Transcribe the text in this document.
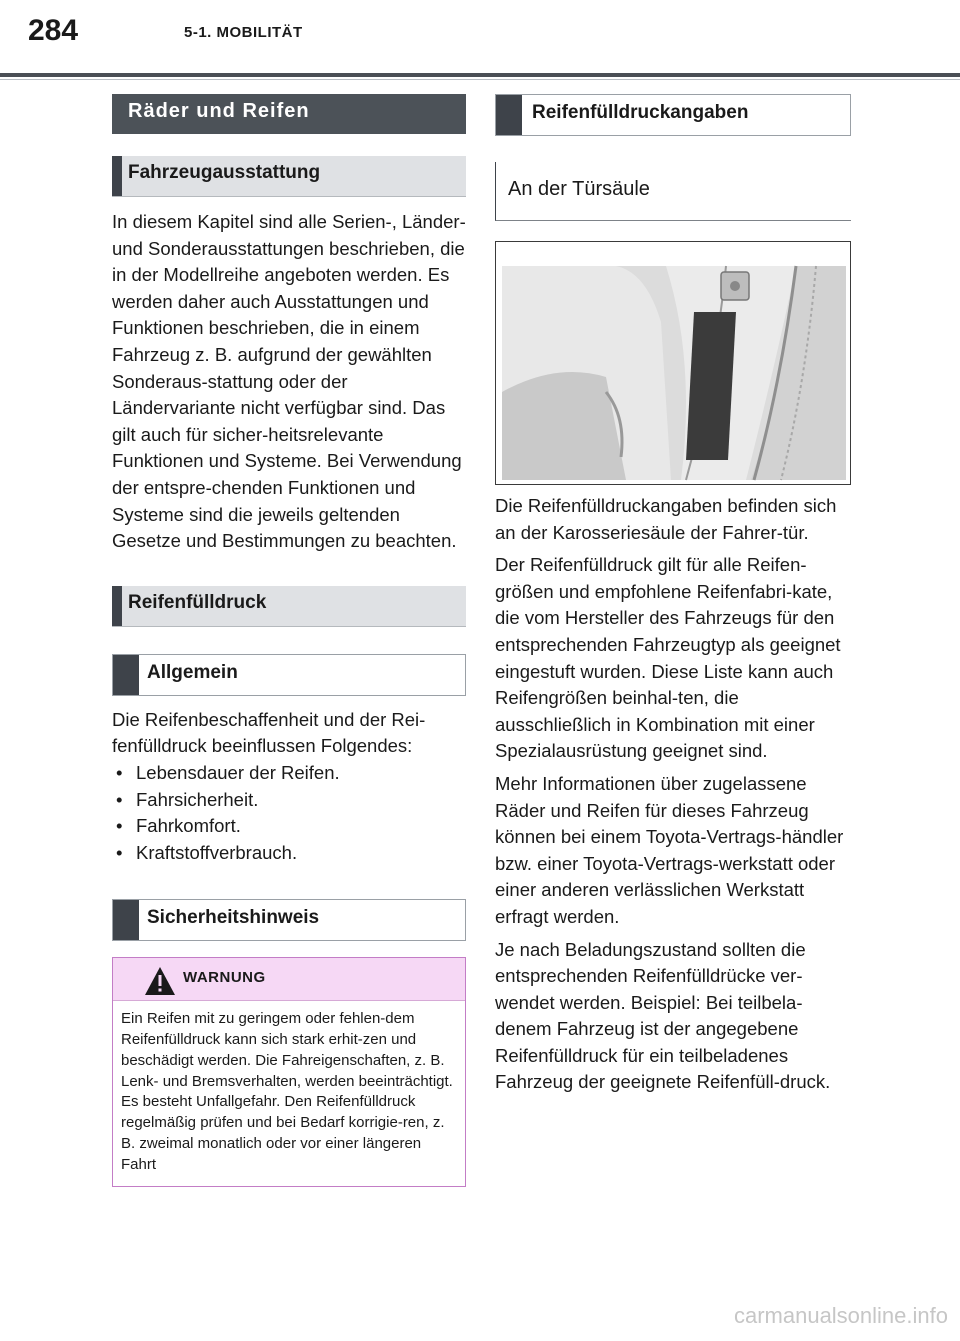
284	5-1. MOBILITÄT
Räder und Reifen
Fahrzeugausstattung

In diesem Kapitel sind alle Serien-, Länder- und Sonderausstattungen beschrieben, die in der Modellreihe angeboten werden. Es werden daher auch Ausstattungen und Funktionen beschrieben, die in einem Fahrzeug z. B. aufgrund der gewählten Sonderaus-stattung oder der Ländervariante nicht verfügbar sind. Das gilt auch für sicher-heitsrelevante Funktionen und Systeme. Bei Verwendung der entspre-chenden Funktionen und Systeme sind die jeweils geltenden Gesetze und Bestimmungen zu beachten.

Reifenfülldruck
Allgemein

Die Reifenbeschaffenheit und der Rei-fenfülldruck beeinflussen Folgendes:

• Lebensdauer der Reifen.
• Fahrsicherheit.
• Fahrkomfort.
• Kraftstoffverbrauch.
Sicherheitshinweis
WARNUNG
Ein Reifen mit zu geringem oder fehlen-dem Reifenfülldruck kann sich stark erhit-zen und beschädigt werden. Die Fahreigenschaften, z. B. Lenk- und Bremsverhalten, werden beeinträchtigt. Es besteht Unfallgefahr. Den Reifenfülldruck regelmäßig prüfen und bei Bedarf korrigie-ren, z. B. zweimal monatlich oder vor einer längeren Fahrt
Reifenfülldruckangaben
An der Türsäule

Die Reifenfülldruckangaben befinden sich an der Karosseriesäule der Fahrer-tür.

Der Reifenfülldruck gilt für alle Reifen-größen und empfohlene Reifenfabri-kate, die vom Hersteller des Fahrzeugs für den entsprechenden Fahrzeugtyp als geeignet eingestuft wurden. Diese Liste kann auch Reifengrößen beinhal-ten, die ausschließlich in Kombination mit einer Spezialausrüstung geeignet sind.

Mehr Informationen über zugelassene Räder und Reifen für dieses Fahrzeug können bei einem Toyota-Vertrags-händler bzw. einer Toyota-Vertrags-werkstatt oder einer anderen verlässlichen Werkstatt erfragt werden.

Je nach Beladungszustand sollten die entsprechenden Reifenfülldrücke ver-wendet werden. Beispiel: Bei teilbela-denem Fahrzeug ist der angegebene Reifenfülldruck für ein teilbeladenes Fahrzeug der geeignete Reifenfüll-druck.

carmanualsonline.info
